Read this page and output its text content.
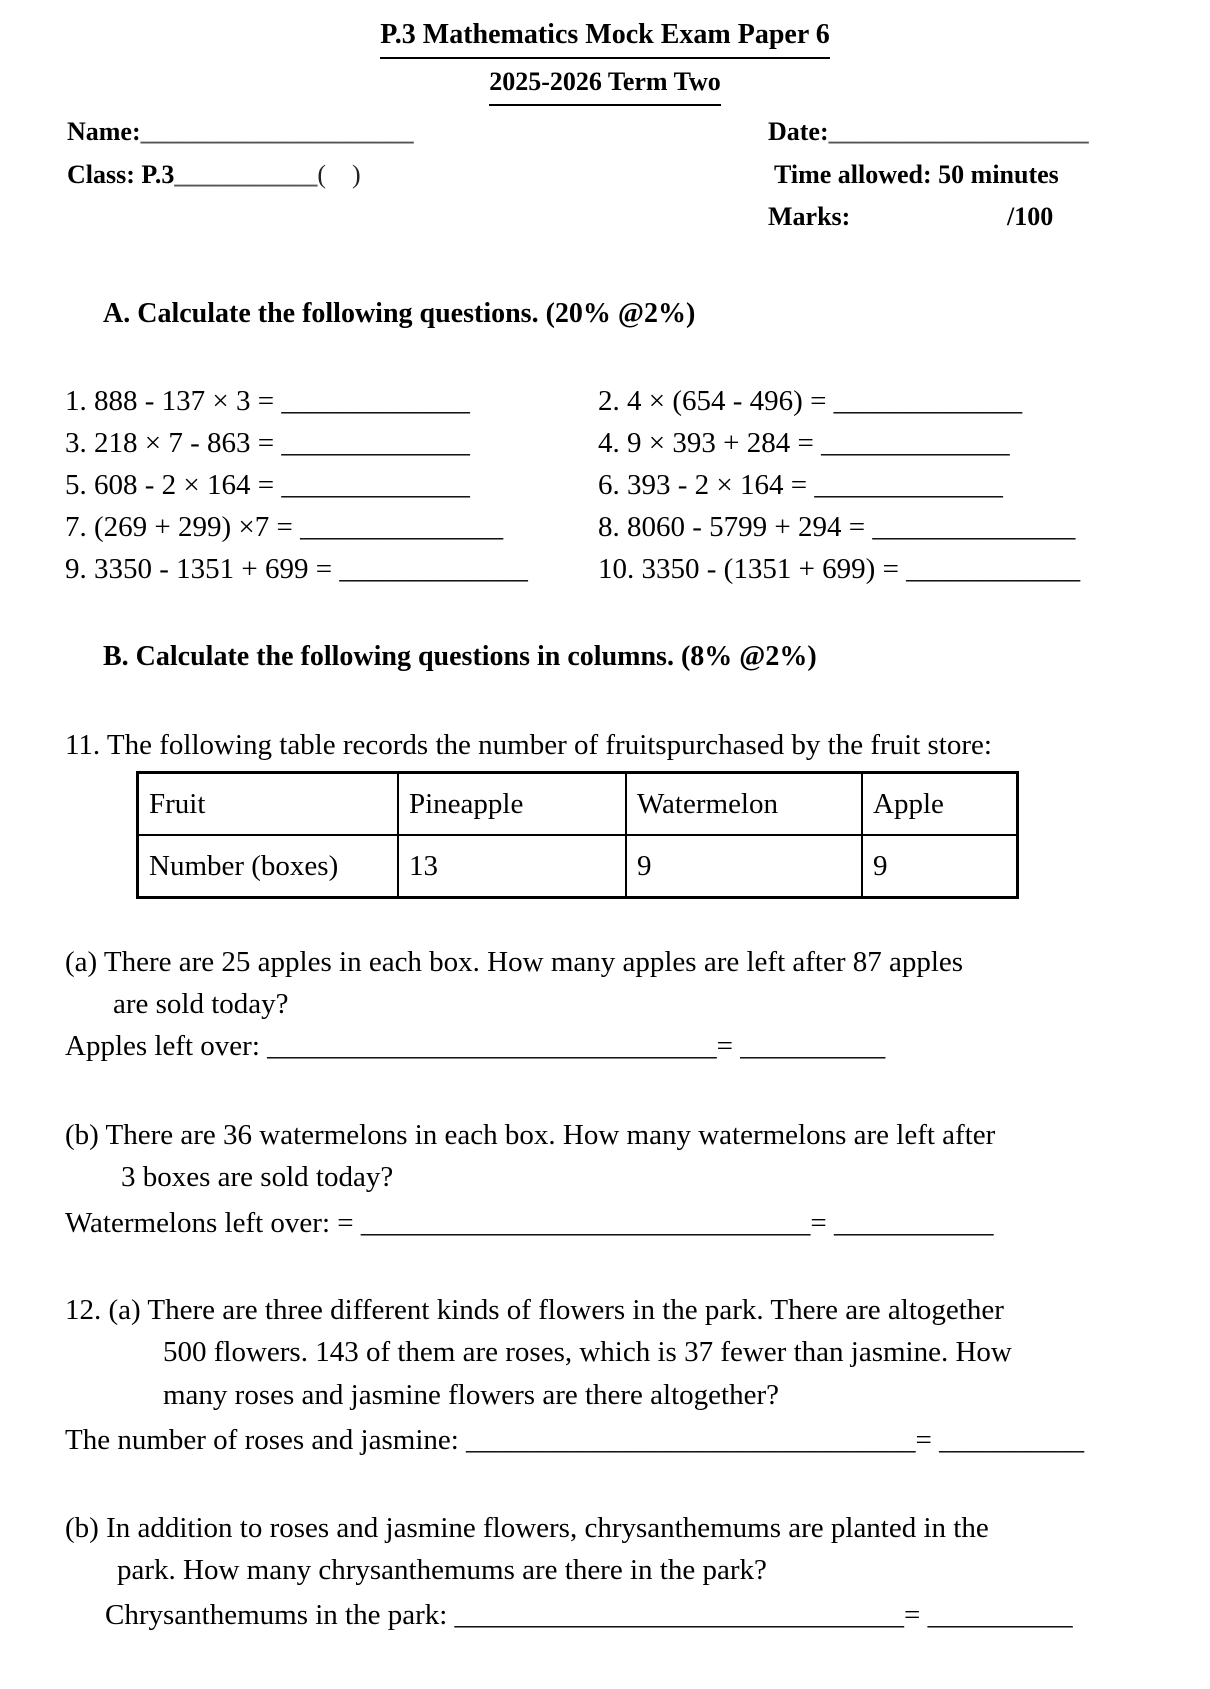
P.3 Mathematics Mock Exam Paper 6
2025-2026 Term Two
Name:_____________________	Date:____________________
Class: P.3___________(    )	Time allowed: 50 minutes
Marks:	/100
A. Calculate the following questions. (20% @2%)
1. 888 - 137 × 3 = _____________	2. 4 × (654 - 496) = _____________
3. 218 × 7 - 863 = _____________	4. 9 × 393 + 284 = _____________
5. 608 - 2 × 164 = _____________	6. 393 - 2 × 164 = _____________
7. (269 + 299) ×7 = ______________	8. 8060 - 5799 + 294 = ______________
9. 3350 - 1351 + 699 = _____________ 10. 3350 - (1351 + 699) = ____________
B. Calculate the following questions in columns. (8% @2%)
11. The following table records the number of fruitspurchased by the fruit store:
Fruit	Pineapple	Watermelon	Apple
Number (boxes)	13	9	9
(a) There are 25 apples in each box. How many apples are left after 87 apples
are sold today?
Apples left over: _______________________________= __________
(b) There are 36 watermelons in each box. How many watermelons are left after
3 boxes are sold today?
Watermelons left over: = _______________________________= ___________
12. (a) There are three different kinds of flowers in the park. There are altogether
500 flowers. 143 of them are roses, which is 37 fewer than jasmine. How
many roses and jasmine flowers are there altogether?
The number of roses and jasmine: _______________________________= __________
(b) In addition to roses and jasmine flowers, chrysanthemums are planted in the
park. How many chrysanthemums are there in the park?
Chrysanthemums in the park: _______________________________= __________
